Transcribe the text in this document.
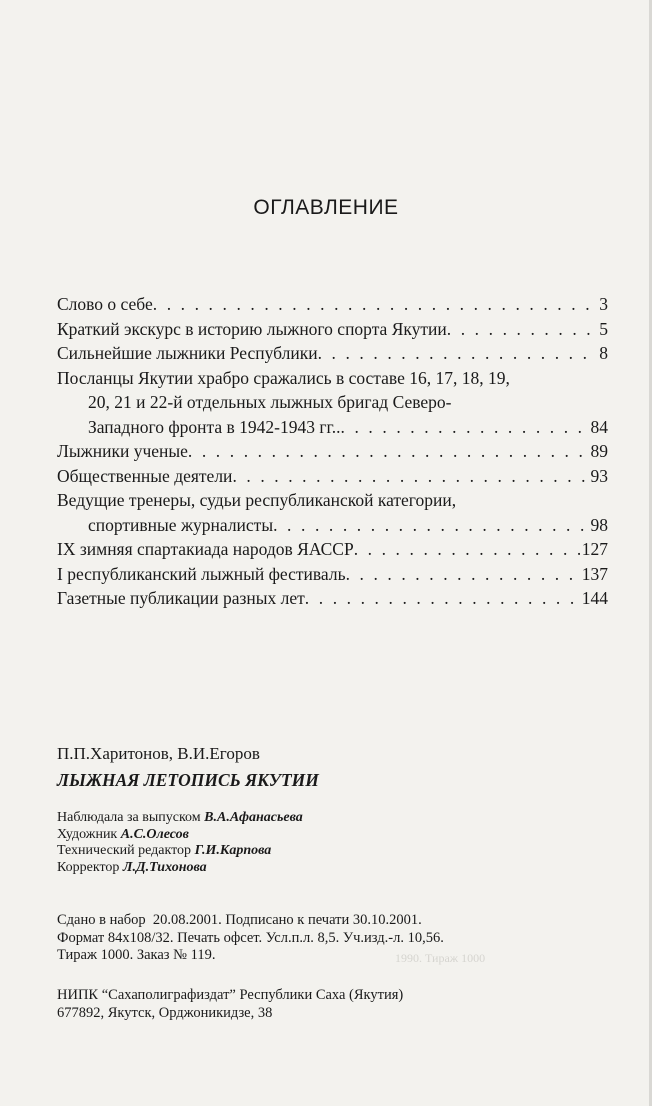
ОГЛАВЛЕНИЕ
Слово о себе . . .	3
Краткий экскурс в историю лыжного спорта Якутии . . .	5
Сильнейшие лыжники Республики . . .	8
Посланцы Якутии храбро сражались в составе 16, 17, 18, 19,
20, 21 и 22-й отдельных лыжных бригад Северо-
Западного фронта в 1942-1943 гг.. . . .	84
Лыжники ученые . . .	89
Общественные деятели . . .	93
Ведущие тренеры, судьи республиканской категории,
спортивные журналисты . . .	98
IX зимняя спартакиада народов ЯАССР . . .	127
I республиканский лыжный фестиваль . . .	137
Газетные публикации разных лет . . .	144
П.П.Харитонов, В.И.Егоров
ЛЫЖНАЯ ЛЕТОПИСЬ ЯКУТИИ
Наблюдала за выпуском В.А.Афанасьева
Художник А.С.Олесов
Технический редактор Г.И.Карпова
Корректор Л.Д.Тихонова
Сдано в набор  20.08.2001. Подписано к печати 30.10.2001.
Формат 84х108/32. Печать офсет. Усл.п.л. 8,5. Уч.изд.-л. 10,56.
Тираж 1000. Заказ № 119.
НИПК “Сахаполиграфиздат” Республики Саха (Якутия)
677892, Якутск, Орджоникидзе, 38
1990. Тираж 1000
